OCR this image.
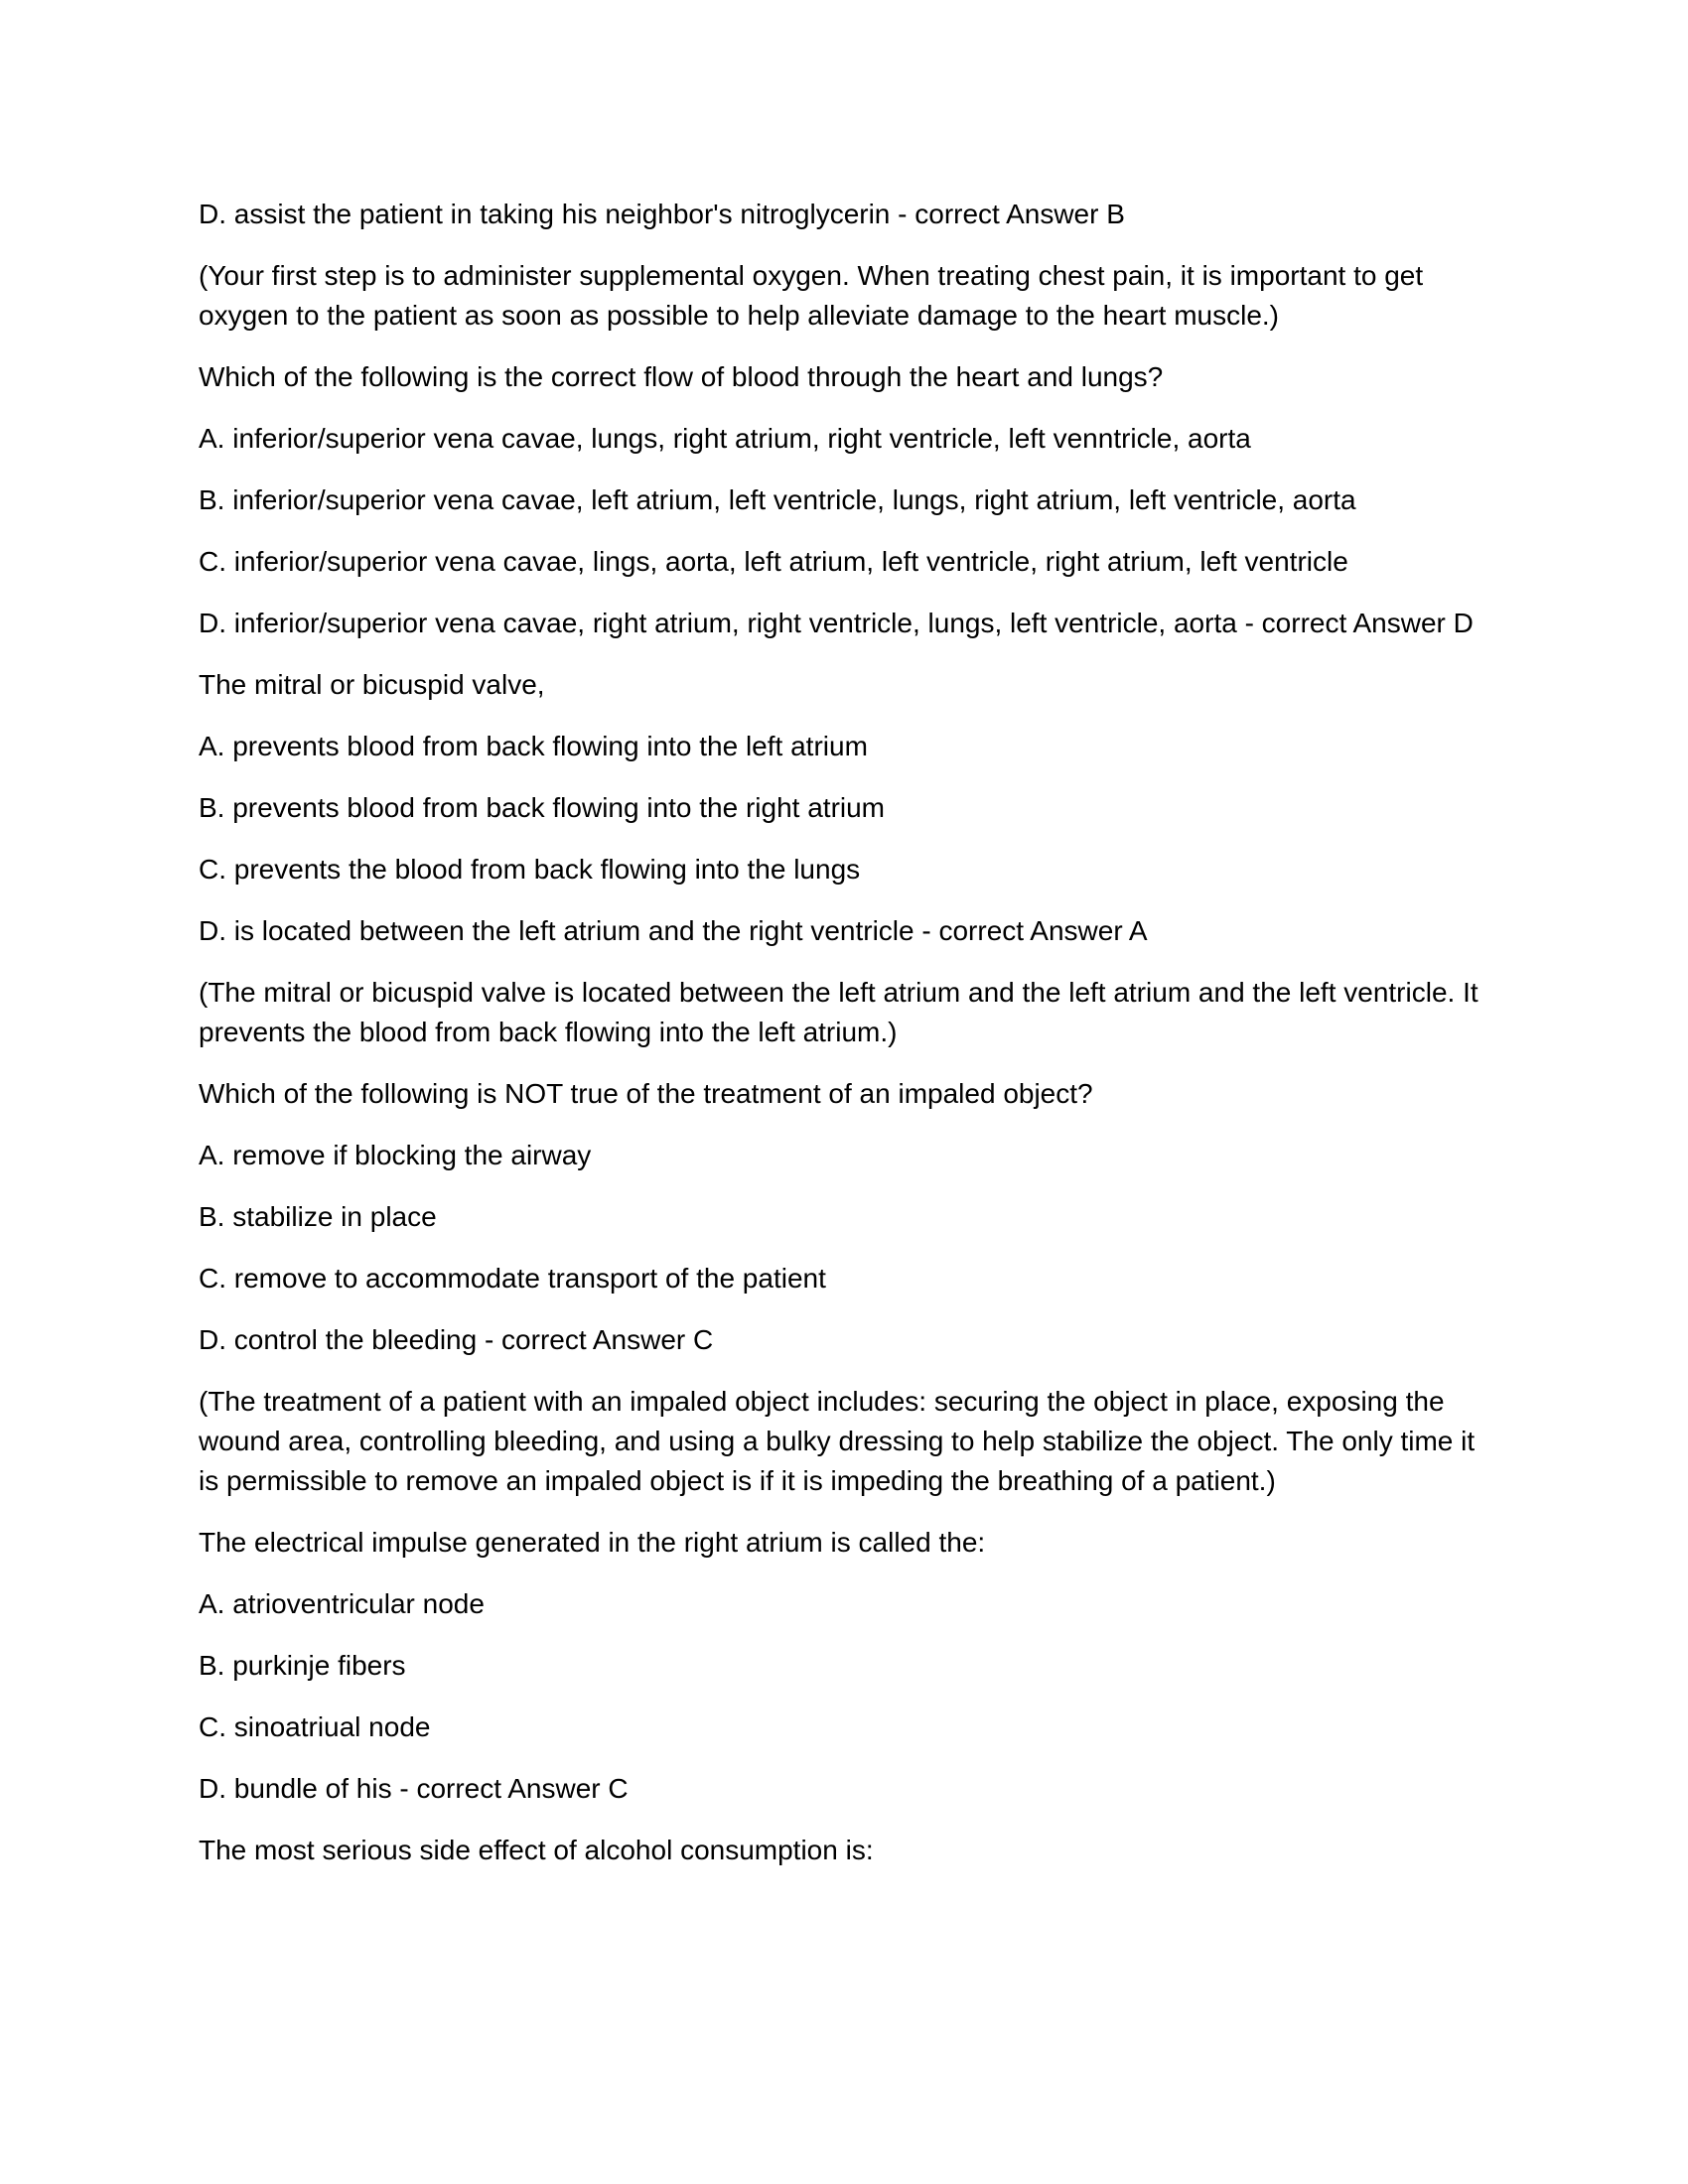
D. assist the patient in taking his neighbor's nitroglycerin - correct Answer B

(Your first step is to administer supplemental oxygen. When treating chest pain, it is important to get oxygen to the patient as soon as possible to help alleviate damage to the heart muscle.)

Which of the following is the correct flow of blood through the heart and lungs?

A. inferior/superior vena cavae, lungs, right atrium, right ventricle, left venntricle, aorta

B. inferior/superior vena cavae, left atrium, left ventricle, lungs, right atrium, left ventricle, aorta

C. inferior/superior vena cavae, lings, aorta, left atrium, left ventricle, right atrium, left ventricle

D. inferior/superior vena cavae, right atrium, right ventricle, lungs, left ventricle, aorta - correct Answer D

The mitral or bicuspid valve,

A. prevents blood from back flowing into the left atrium

B. prevents blood from back flowing into the right atrium

C. prevents the blood from back flowing into the lungs

D. is located between the left atrium and the right ventricle - correct Answer A

(The mitral or bicuspid valve is located between the left atrium and the left atrium and the left ventricle. It prevents the blood from back flowing into the left atrium.)

Which of the following is NOT true of the treatment of an impaled object?

A. remove if blocking the airway

B. stabilize in place

C. remove to accommodate transport of the patient

D. control the bleeding - correct Answer C

(The treatment of a patient with an impaled object includes: securing the object in place, exposing the wound area, controlling bleeding, and using a bulky dressing to help stabilize the object. The only time it is permissible to remove an impaled object is if it is impeding the breathing of a patient.)

The electrical impulse generated in the right atrium is called the:

A. atrioventricular node

B. purkinje fibers

C. sinoatriual node

D. bundle of his - correct Answer C

The most serious side effect of alcohol consumption is:
